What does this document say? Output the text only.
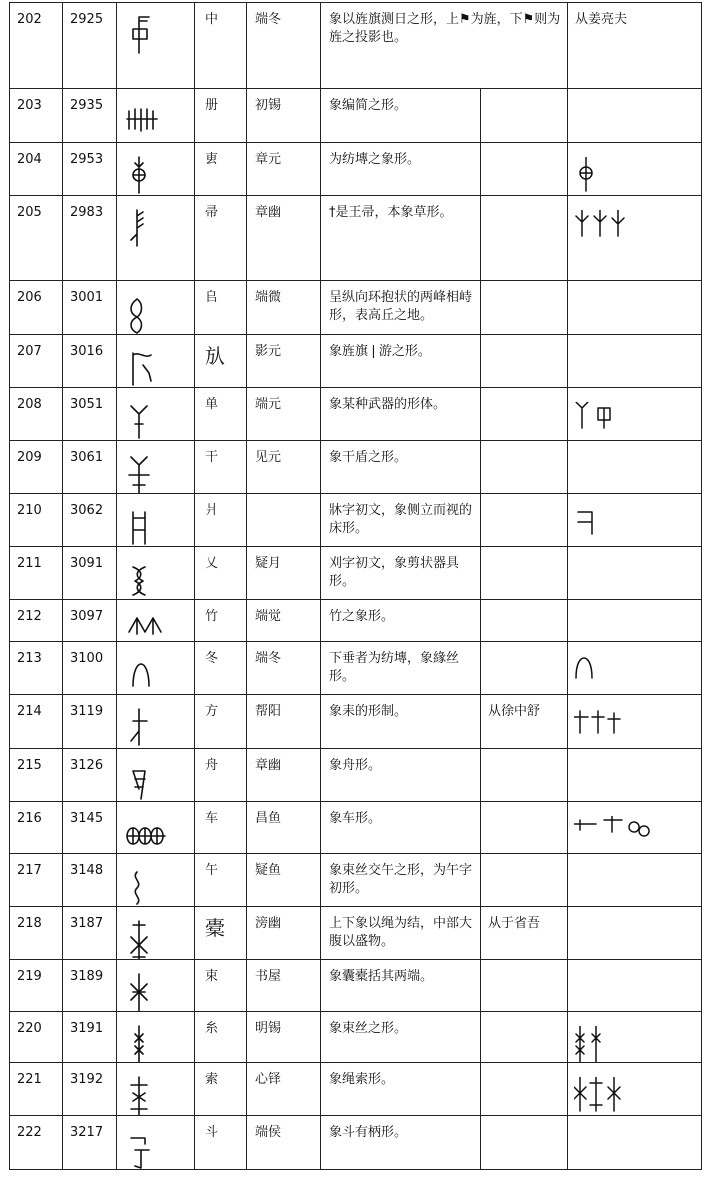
202	2925		中	端冬	象以旌旗测日之形，上⚑为旌，下⚑则为旌之投影也。		从姜亮夫
203	2935		册	初锡	象编简之形。		

204	2953		叀	章元	为纺塼之象形。

205	2983		帚	章幽	†是王帚，本象草形。

206	3001		𠂤	端微	呈纵向环抱状的两峰相峙形，表高丘之地。		

207	3016		㫃	影元	象旌旗❘游之形。		

208	3051		单	端元	象某种武器的形体。

209	3061		干	见元	象干盾之形。		

210	3062		爿		牀字初文，象侧立而视的床形。

211	3091		乂	疑月	刈字初文，象剪状器具形。		

212	3097		竹	端觉	竹之象形。		

213	3100		冬	端冬	下垂者为纺塼，象緣丝形。

214	3119		方	帮阳	象耒的形制。	从徐中舒	

215	3126		舟	章幽	象舟形。		

216	3145		车	昌鱼	象车形。

217	3148		午	疑鱼	象束丝交午之形，为午字初形。		

218	3187		橐	滂幽	上下象以绳为结，中部大腹以盛物。	从于省吾	
219	3189		束	书屋	象囊橐括其两端。		

220	3191		糸	明锡	象束丝之形。

221	3192		索	心铎	象绳索形。

222	3217		斗	端侯	象斗有柄形。		
